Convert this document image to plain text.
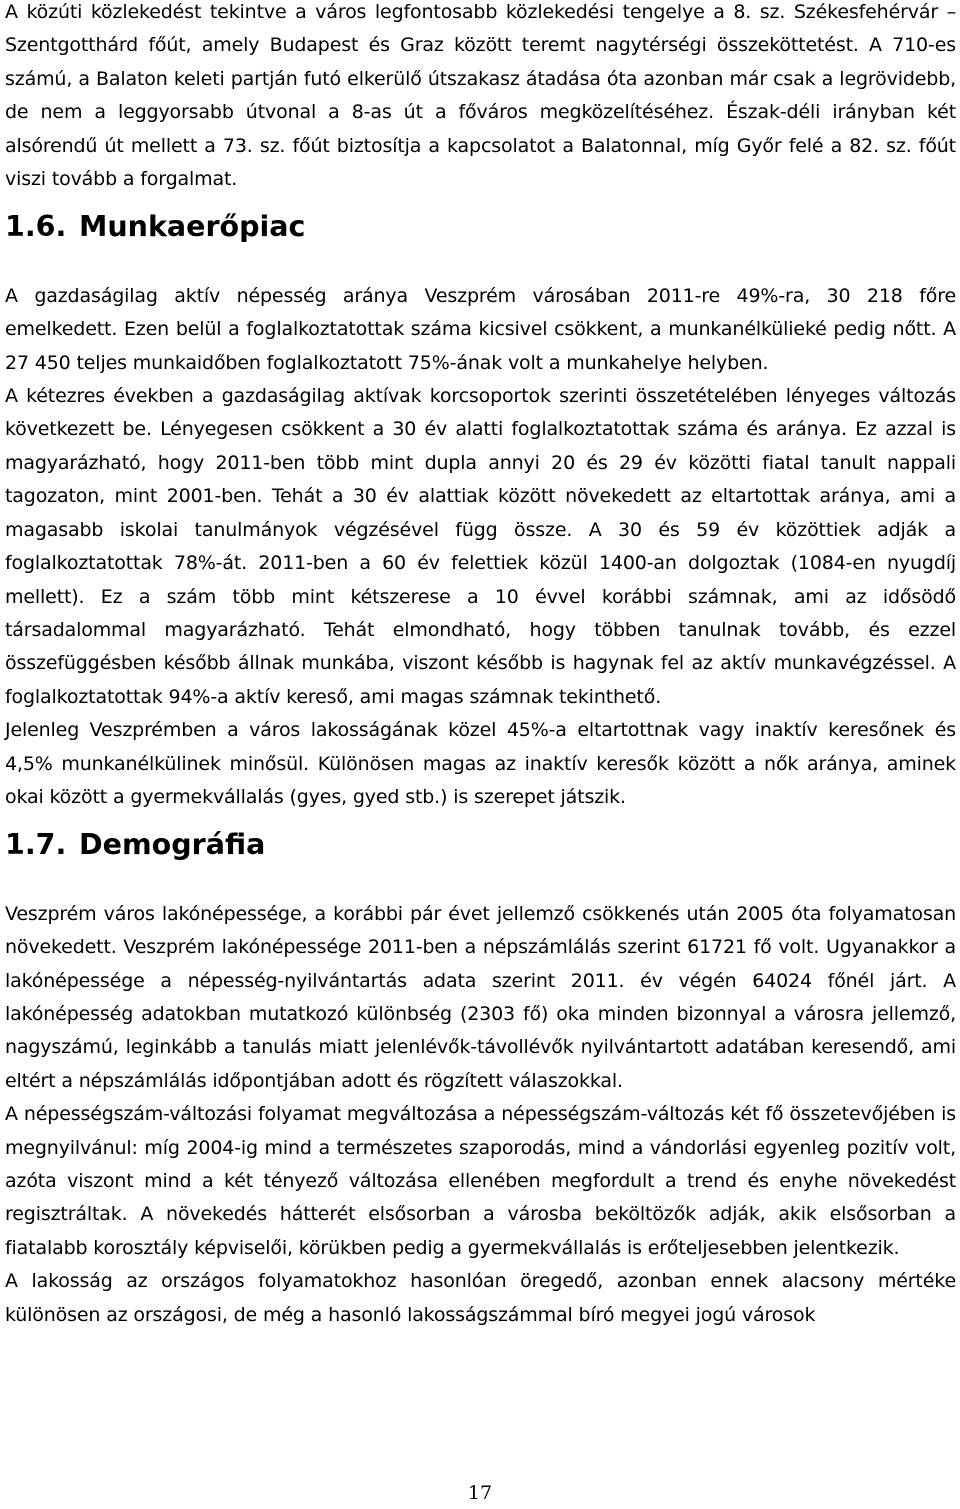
A közúti közlekedést tekintve a város legfontosabb közlekedési tengelye a 8. sz. Székesfehérvár – Szentgotthárd főút, amely Budapest és Graz között teremt nagytérségi összeköttetést. A 710-es számú, a Balaton keleti partján futó elkerülő útszakasz átadása óta azonban már csak a legrövidebb, de nem a leggyorsabb útvonal a 8-as út a főváros megközelítéséhez. Észak-déli irányban két alsórendű út mellett a 73. sz. főút biztosítja a kapcsolatot a Balatonnal, míg Győr felé a 82. sz. főút viszi tovább a forgalmat.

1.6. Munkaerőpiac

A gazdaságilag aktív népesség aránya Veszprém városában 2011-re 49%-ra, 30 218 főre emelkedett. Ezen belül a foglalkoztatottak száma kicsivel csökkent, a munkanélkülieké pedig nőtt. A 27 450 teljes munkaidőben foglalkoztatott 75%-ának volt a munkahelye helyben.

A kétezres években a gazdaságilag aktívak korcsoportok szerinti összetételében lényeges változás következett be. Lényegesen csökkent a 30 év alatti foglalkoztatottak száma és aránya. Ez azzal is magyarázható, hogy 2011-ben több mint dupla annyi 20 és 29 év közötti fiatal tanult nappali tagozaton, mint 2001-ben. Tehát a 30 év alattiak között növekedett az eltartottak aránya, ami a magasabb iskolai tanulmányok végzésével függ össze. A 30 és 59 év közöttiek adják a foglalkoztatottak 78%-át. 2011-ben a 60 év felettiek közül 1400-an dolgoztak (1084-en nyugdíj mellett). Ez a szám több mint kétszerese a 10 évvel korábbi számnak, ami az idősödő társadalommal magyarázható. Tehát elmondható, hogy többen tanulnak tovább, és ezzel összefüggésben később állnak munkába, viszont később is hagynak fel az aktív munkavégzéssel. A foglalkoztatottak 94%-a aktív kereső, ami magas számnak tekinthető.

Jelenleg Veszprémben a város lakosságának közel 45%-a eltartottnak vagy inaktív keresőnek és 4,5% munkanélkülinek minősül. Különösen magas az inaktív keresők között a nők aránya, aminek okai között a gyermekvállalás (gyes, gyed stb.) is szerepet játszik.

1.7. Demográfia

Veszprém város lakónépessége, a korábbi pár évet jellemző csökkenés után 2005 óta folyamatosan növekedett. Veszprém lakónépessége 2011-ben a népszámlálás szerint 61721 fő volt. Ugyanakkor a lakónépessége a népesség-nyilvántartás adata szerint 2011. év végén 64024 főnél járt. A lakónépesség adatokban mutatkozó különbség (2303 fő) oka minden bizonnyal a városra jellemző, nagyszámú, leginkább a tanulás miatt jelenlévők-távollévők nyilvántartott adatában keresendő, ami eltért a népszámlálás időpontjában adott és rögzített válaszokkal.

A népességszám-változási folyamat megváltozása a népességszám-változás két fő összetevőjében is megnyilvánul: míg 2004-ig mind a természetes szaporodás, mind a vándorlási egyenleg pozitív volt, azóta viszont mind a két tényező változása ellenében megfordult a trend és enyhe növekedést regisztráltak. A növekedés hátterét elsősorban a városba beköltözők adják, akik elsősorban a fiatalabb korosztály képviselői, körükben pedig a gyermekvállalás is erőteljesebben jelentkezik.

A lakosság az országos folyamatokhoz hasonlóan öregedő, azonban ennek alacsony mértéke különösen az országosi, de még a hasonló lakosságszámmal bíró megyei jogú városok

17
